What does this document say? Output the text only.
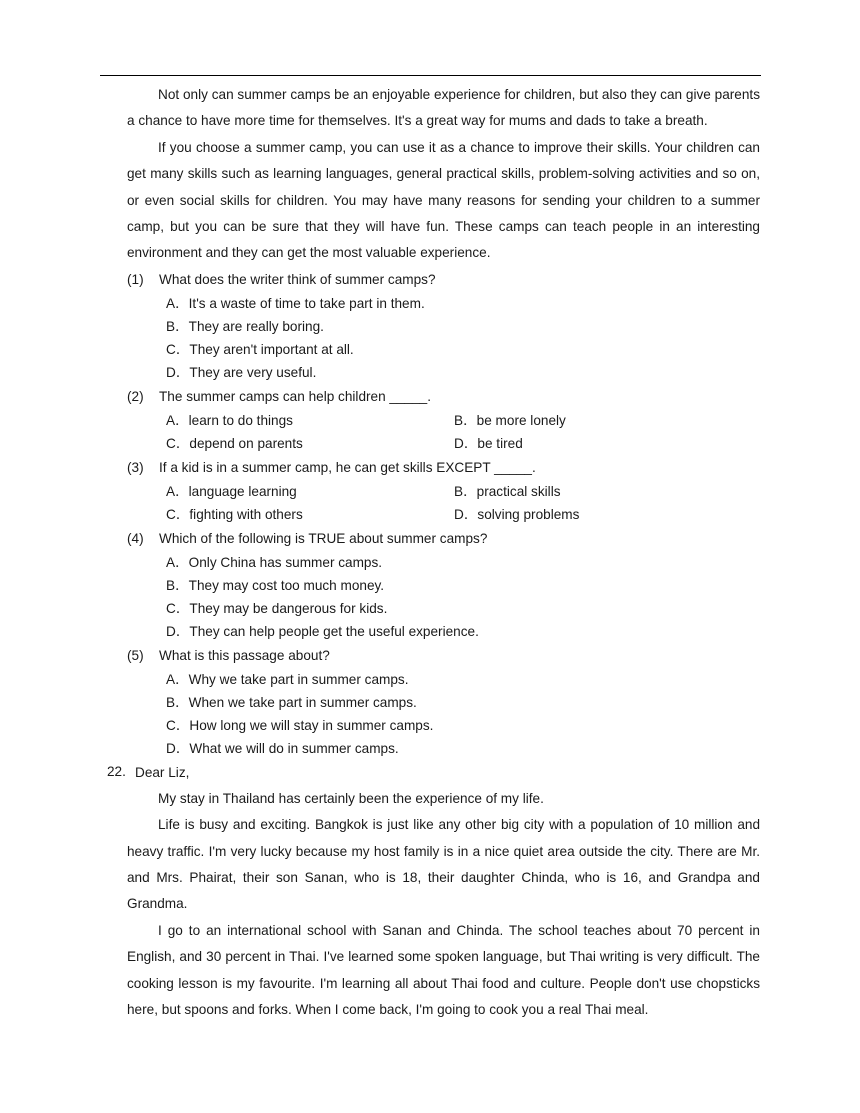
Not only can summer camps be an enjoyable experience for children, but also they can give parents a chance to have more time for themselves. It's a great way for mums and dads to take a breath.

If you choose a summer camp, you can use it as a chance to improve their skills. Your children can get many skills such as learning languages, general practical skills, problem-solving activities and so on, or even social skills for children. You may have many reasons for sending your children to a summer camp, but you can be sure that they will have fun. These camps can teach people in an interesting environment and they can get the most valuable experience.

(1) What does the writer think of summer camps?
A．It's a waste of time to take part in them.
B．They are really boring.
C．They aren't important at all.
D．They are very useful.
(2) The summer camps can help children _____.
A．learn to do things	B．be more lonely
C．depend on parents	D．be tired
(3) If a kid is in a summer camp, he can get skills EXCEPT _____.
A．language learning	B．practical skills
C．fighting with others	D．solving problems
(4) Which of the following is TRUE about summer camps?
A．Only China has summer camps.
B．They may cost too much money.
C．They may be dangerous for kids.
D．They can help people get the useful experience.
(5) What is this passage about?
A．Why we take part in summer camps.
B．When we take part in summer camps.
C．How long we will stay in summer camps.
D．What we will do in summer camps.
22. Dear Liz,

My stay in Thailand has certainly been the experience of my life.

Life is busy and exciting. Bangkok is just like any other big city with a population of 10 million and heavy traffic. I'm very lucky because my host family is in a nice quiet area outside the city. There are Mr. and Mrs. Phairat, their son Sanan, who is 18, their daughter Chinda, who is 16, and Grandpa and Grandma.

I go to an international school with Sanan and Chinda. The school teaches about 70 percent in English, and 30 percent in Thai. I've learned some spoken language, but Thai writing is very difficult. The cooking lesson is my favourite. I'm learning all about Thai food and culture. People don't use chopsticks here, but spoons and forks. When I come back, I'm going to cook you a real Thai meal.
